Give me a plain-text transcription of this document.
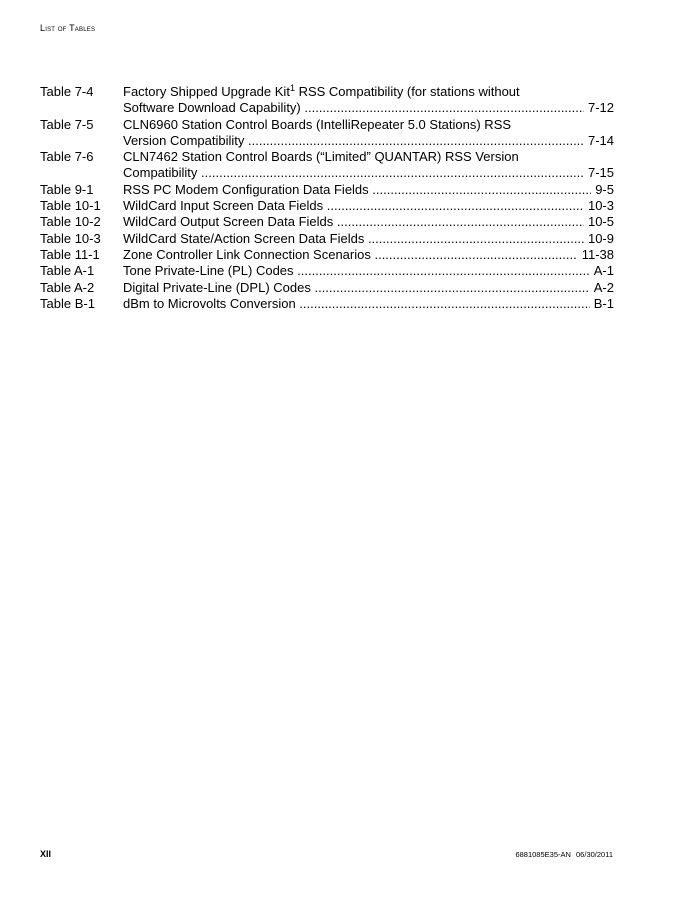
List of Tables
Table 7-4	Factory Shipped Upgrade Kit$^1$ RSS Compatibility (for stations without
Software Download Capability) .....	7-12
Table 7-5	CLN6960 Station Control Boards (IntelliRepeater 5.0 Stations) RSS
Version Compatibility .....	7-14
Table 7-6	CLN7462 Station Control Boards (“Limited” QUANTAR) RSS Version
Compatibility .....	7-15
Table 9-1	RSS PC Modem Configuration Data Fields .....	9-5
Table 10-1	WildCard Input Screen Data Fields .....	10-3
Table 10-2	WildCard Output Screen Data Fields .....	10-5
Table 10-3	WildCard State/Action Screen Data Fields .....	10-9
Table 11-1	Zone Controller Link Connection Scenarios .....	11-38
Table A-1	Tone Private-Line (PL) Codes .....	A-1
Table A-2	Digital Private-Line (DPL) Codes .....	A-2
Table B-1	dBm to Microvolts Conversion .....	B-1
XII	6881085E35-AN 06/30/2011
